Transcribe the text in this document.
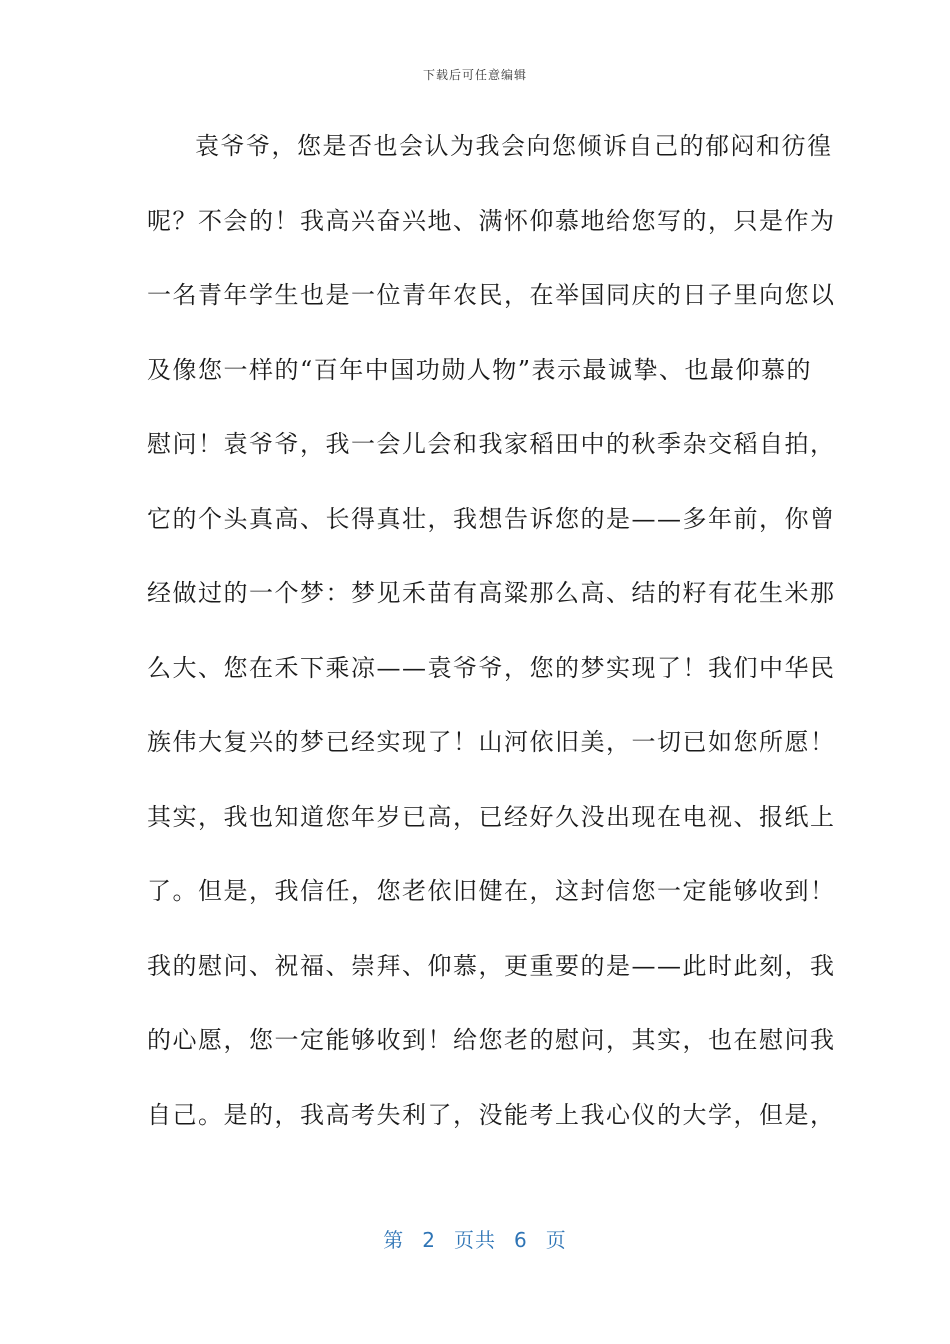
下载后可任意编辑
袁爷爷，您是否也会认为我会向您倾诉自己的郁闷和彷徨
呢？不会的！我高兴奋兴地、满怀仰慕地给您写的，只是作为
一名青年学生也是一位青年农民，在举国同庆的日子里向您以
及像您一样的“百年中国功勋人物”表示最诚挚、也最仰慕的
慰问！袁爷爷，我一会儿会和我家稻田中的秋季杂交稻自拍，
它的个头真高、长得真壮，我想告诉您的是——多年前，你曾
经做过的一个梦：梦见禾苗有高粱那么高、结的籽有花生米那
么大、您在禾下乘凉——袁爷爷，您的梦实现了！我们中华民
族伟大复兴的梦已经实现了！山河依旧美，一切已如您所愿！
其实，我也知道您年岁已高，已经好久没出现在电视、报纸上
了。但是，我信任，您老依旧健在，这封信您一定能够收到！
我的慰问、祝福、崇拜、仰慕，更重要的是——此时此刻，我
的心愿，您一定能够收到！给您老的慰问，其实，也在慰问我
自己。是的，我高考失利了，没能考上我心仪的大学，但是，
第 2 页共 6 页
